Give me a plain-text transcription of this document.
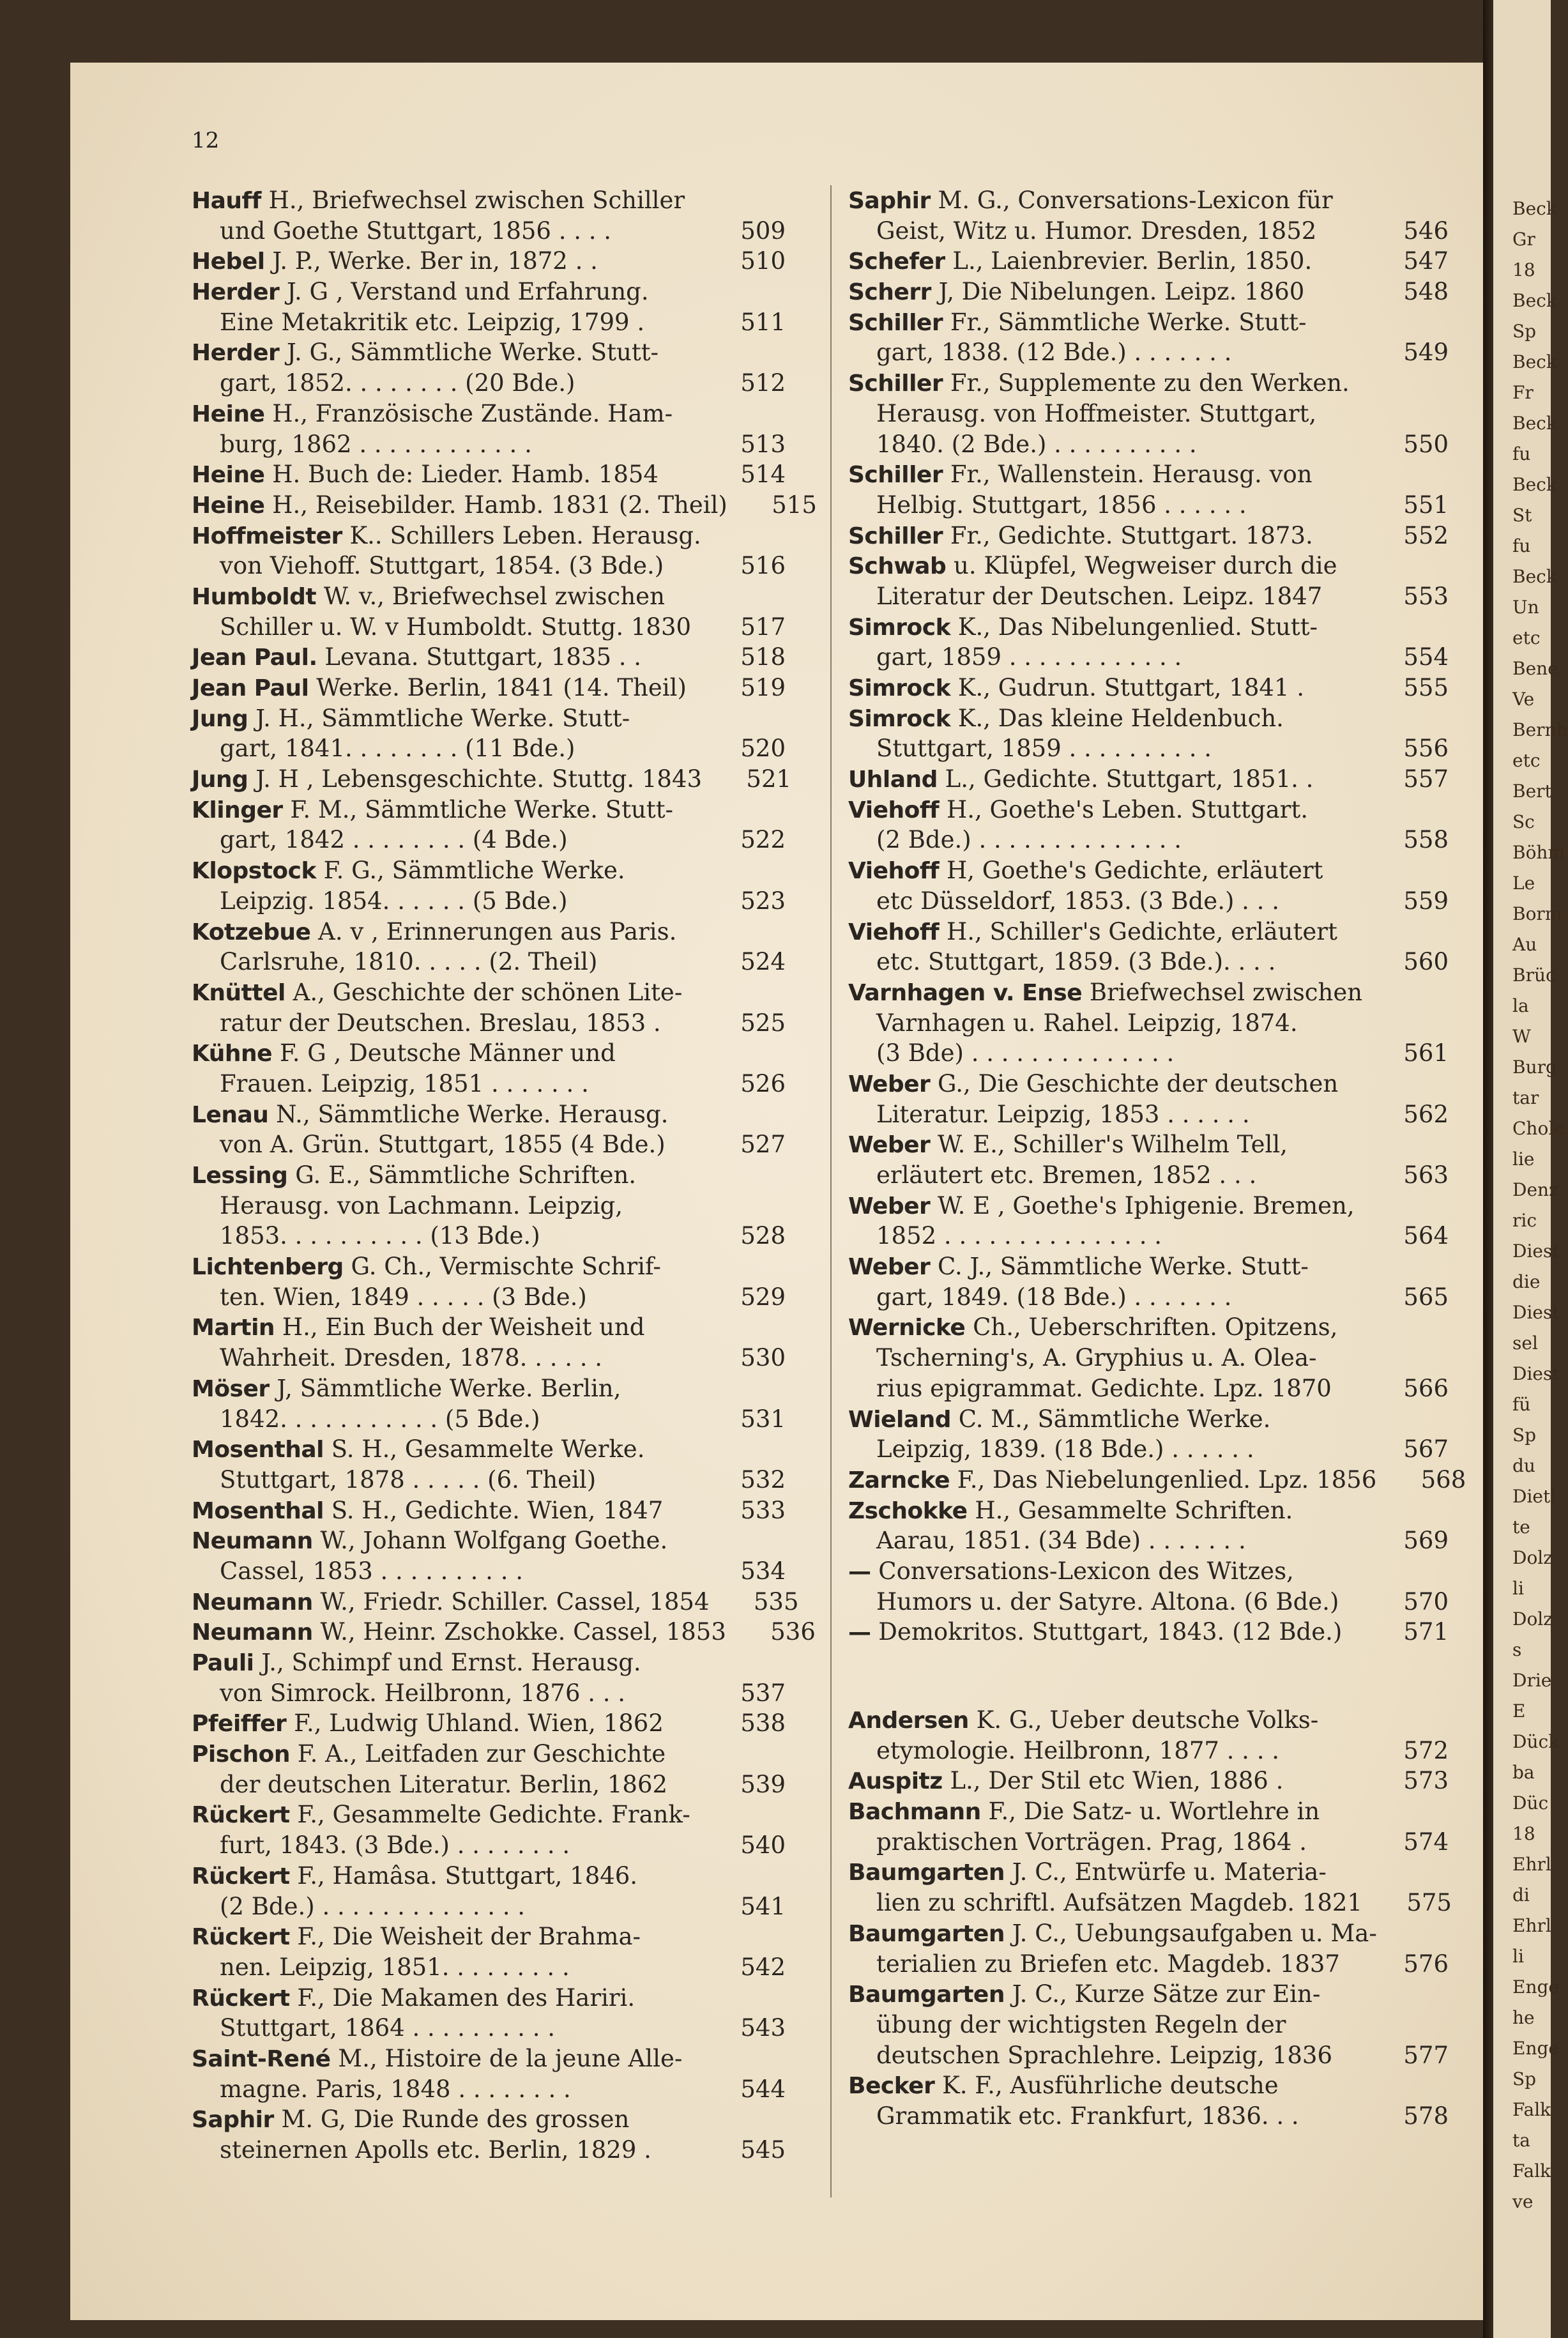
Beck
Gr
18
Beck
Sp
Beck
Fr
Beck
fu
Beck
St
fu
Beck
Un
etc
Bene
Ve
Bernh
etc
Bert
Sc
Böhm
Le
Borm
Au
Brüc
la
W
Burg
tar
Chole
lie
Denz
ric
Diest
die
Diest
sel
Diest
fü
Sp
du
Dietl
te
Dolz
li
Dolz
s
Drie
E
Dück
ba
Düc
18
Ehrl
di
Ehrl
li
Enge
he
Enge
Sp
Falk
ta
Falk
ve
12
Hauff H., Briefwechsel zwischen Schiller
und Goethe Stuttgart, 1856 . . . .	509
Hebel J. P., Werke. Ber in, 1872 . .	510
Herder J. G , Verstand und Erfahrung.
Eine Metakritik etc. Leipzig, 1799 .	511
Herder J. G., Sämmtliche Werke. Stutt-
gart, 1852. . . . . . . . (20 Bde.)	512
Heine H., Französische Zustände. Ham-
burg, 1862 . . . . . . . . . . . .	513
Heine H. Buch de: Lieder. Hamb. 1854	514
Heine H., Reisebilder. Hamb. 1831 (2. Theil)	515
Hoffmeister K.. Schillers Leben. Herausg.
von Viehoff. Stuttgart, 1854. (3 Bde.)	516
Humboldt W. v., Briefwechsel zwischen
Schiller u. W. v Humboldt. Stuttg. 1830	517
Jean Paul. Levana. Stuttgart, 1835 . .	518
Jean Paul Werke. Berlin, 1841 (14. Theil)	519
Jung J. H., Sämmtliche Werke. Stutt-
gart, 1841. . . . . . . . (11 Bde.)	520
Jung J. H , Lebensgeschichte. Stuttg. 1843	521
Klinger F. M., Sämmtliche Werke. Stutt-
gart, 1842 . . . . . . . . (4 Bde.)	522
Klopstock F. G., Sämmtliche Werke.
Leipzig. 1854. . . . . . (5 Bde.)	523
Kotzebue A. v , Erinnerungen aus Paris.
Carlsruhe, 1810. . . . . (2. Theil)	524
Knüttel A., Geschichte der schönen Lite-
ratur der Deutschen. Breslau, 1853 .	525
Kühne F. G , Deutsche Männer und
Frauen. Leipzig, 1851 . . . . . . .	526
Lenau N., Sämmtliche Werke. Herausg.
von A. Grün. Stuttgart, 1855 (4 Bde.)	527
Lessing G. E., Sämmtliche Schriften.
Herausg. von Lachmann. Leipzig,
1853. . . . . . . . . . (13 Bde.)	528
Lichtenberg G. Ch., Vermischte Schrif-
ten. Wien, 1849 . . . . . (3 Bde.)	529
Martin H., Ein Buch der Weisheit und
Wahrheit. Dresden, 1878. . . . . .	530
Möser J, Sämmtliche Werke. Berlin,
1842. . . . . . . . . . . (5 Bde.)	531
Mosenthal S. H., Gesammelte Werke.
Stuttgart, 1878 . . . . . (6. Theil)	532
Mosenthal S. H., Gedichte. Wien, 1847	533
Neumann W., Johann Wolfgang Goethe.
Cassel, 1853 . . . . . . . . . .	534
Neumann W., Friedr. Schiller. Cassel, 1854	535
Neumann W., Heinr. Zschokke. Cassel, 1853	536
Pauli J., Schimpf und Ernst. Herausg.
von Simrock. Heilbronn, 1876 . . .	537
Pfeiffer F., Ludwig Uhland. Wien, 1862	538
Pischon F. A., Leitfaden zur Geschichte
der deutschen Literatur. Berlin, 1862	539
Rückert F., Gesammelte Gedichte. Frank-
furt, 1843. (3 Bde.) . . . . . . . .	540
Rückert F., Hamâsa. Stuttgart, 1846.
(2 Bde.) . . . . . . . . . . . . . .	541
Rückert F., Die Weisheit der Brahma-
nen. Leipzig, 1851. . . . . . . . .	542
Rückert F., Die Makamen des Hariri.
Stuttgart, 1864 . . . . . . . . . .	543
Saint-René M., Histoire de la jeune Alle-
magne. Paris, 1848 . . . . . . . .	544
Saphir M. G, Die Runde des grossen
steinernen Apolls etc. Berlin, 1829 .	545
Saphir M. G., Conversations-Lexicon für
Geist, Witz u. Humor. Dresden, 1852	546
Schefer L., Laienbrevier. Berlin, 1850.	547
Scherr J, Die Nibelungen. Leipz. 1860	548
Schiller Fr., Sämmtliche Werke. Stutt-
gart, 1838. (12 Bde.) . . . . . . .	549
Schiller Fr., Supplemente zu den Werken.
Herausg. von Hoffmeister. Stuttgart,
1840. (2 Bde.) . . . . . . . . . .	550
Schiller Fr., Wallenstein. Herausg. von
Helbig. Stuttgart, 1856 . . . . . .	551
Schiller Fr., Gedichte. Stuttgart. 1873.	552
Schwab u. Klüpfel, Wegweiser durch die
Literatur der Deutschen. Leipz. 1847	553
Simrock K., Das Nibelungenlied. Stutt-
gart, 1859 . . . . . . . . . . . .	554
Simrock K., Gudrun. Stuttgart, 1841 .	555
Simrock K., Das kleine Heldenbuch.
Stuttgart, 1859 . . . . . . . . . .	556
Uhland L., Gedichte. Stuttgart, 1851. .	557
Viehoff H., Goethe's Leben. Stuttgart.
(2 Bde.) . . . . . . . . . . . . . .	558
Viehoff H, Goethe's Gedichte, erläutert
etc Düsseldorf, 1853. (3 Bde.) . . .	559
Viehoff H., Schiller's Gedichte, erläutert
etc. Stuttgart, 1859. (3 Bde.). . . .	560
Varnhagen v. Ense Briefwechsel zwischen
Varnhagen u. Rahel. Leipzig, 1874.
(3 Bde) . . . . . . . . . . . . . .	561
Weber G., Die Geschichte der deutschen
Literatur. Leipzig, 1853 . . . . . .	562
Weber W. E., Schiller's Wilhelm Tell,
erläutert etc. Bremen, 1852 . . .	563
Weber W. E , Goethe's Iphigenie. Bremen,
1852 . . . . . . . . . . . . . . .	564
Weber C. J., Sämmtliche Werke. Stutt-
gart, 1849. (18 Bde.) . . . . . . .	565
Wernicke Ch., Ueberschriften. Opitzens,
Tscherning's, A. Gryphius u. A. Olea-
rius epigrammat. Gedichte. Lpz. 1870	566
Wieland C. M., Sämmtliche Werke.
Leipzig, 1839. (18 Bde.) . . . . . .	567
Zarncke F., Das Niebelungenlied. Lpz. 1856	568
Zschokke H., Gesammelte Schriften.
Aarau, 1851. (34 Bde) . . . . . . .	569
— Conversations-Lexicon des Witzes,
Humors u. der Satyre. Altona. (6 Bde.)	570
— Demokritos. Stuttgart, 1843. (12 Bde.)	571
Andersen K. G., Ueber deutsche Volks-
etymologie. Heilbronn, 1877 . . . .	572
Auspitz L., Der Stil etc Wien, 1886 .	573
Bachmann F., Die Satz- u. Wortlehre in
praktischen Vorträgen. Prag, 1864 .	574
Baumgarten J. C., Entwürfe u. Materia-
lien zu schriftl. Aufsätzen Magdeb. 1821	575
Baumgarten J. C., Uebungsaufgaben u. Ma-
terialien zu Briefen etc. Magdeb. 1837	576
Baumgarten J. C., Kurze Sätze zur Ein-
übung der wichtigsten Regeln der
deutschen Sprachlehre. Leipzig, 1836	577
Becker K. F., Ausführliche deutsche
Grammatik etc. Frankfurt, 1836. . .	578
